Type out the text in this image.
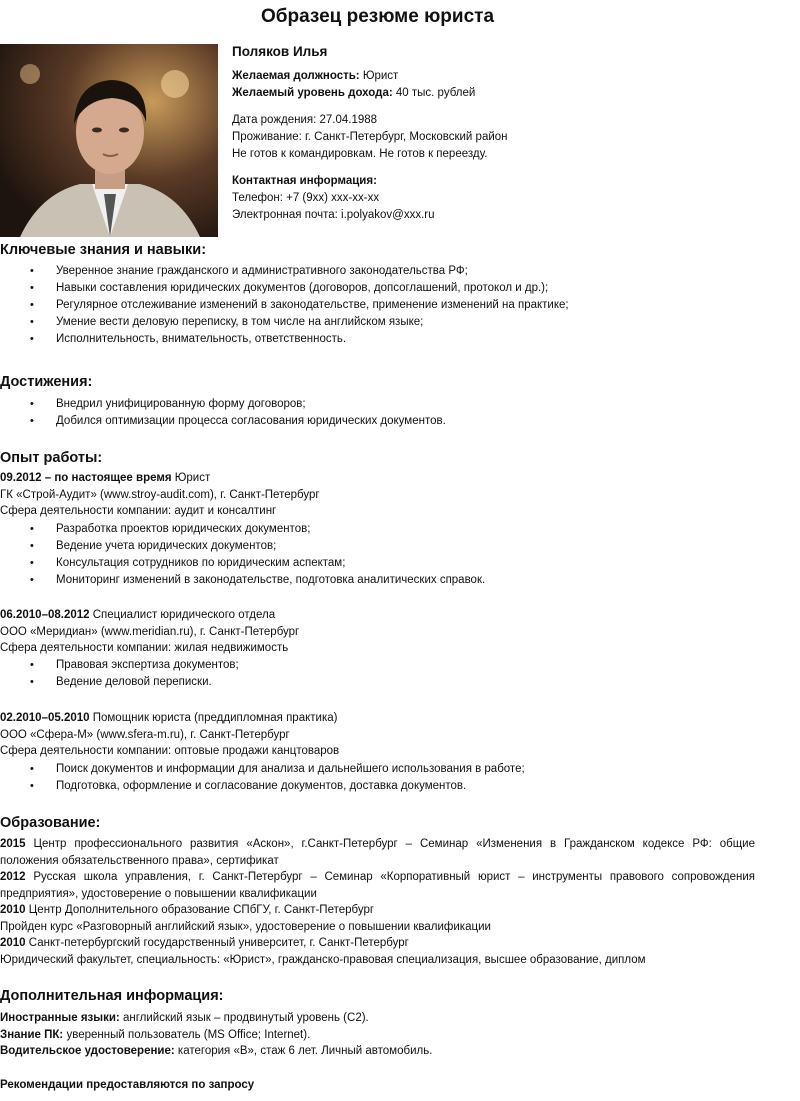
Образец резюме юриста
Поляков Илья
Желаемая должность: Юрист
Желаемый уровень дохода: 40 тыс. рублей
Дата рождения: 27.04.1988
Проживание: г. Санкт-Петербург, Московский район
Не готов к командировкам. Не готов к переезду.
Контактная информация:
Телефон: +7 (9xx) xxx-xx-xx
Электронная почта: i.polyakov@xxx.ru
Ключевые знания и навыки:
• Уверенное знание гражданского и административного законодательства РФ;
• Навыки составления юридических документов (договоров, допсоглашений, протокол и др.);
• Регулярное отслеживание изменений в законодательстве, применение изменений на практике;
• Умение вести деловую переписку, в том числе на английском языке;
• Исполнительность, внимательность, ответственность.
Достижения:
• Внедрил унифицированную форму договоров;
• Добился оптимизации процесса согласования юридических документов.
Опыт работы:
09.2012 – по настоящее время Юрист
ГК «Строй-Аудит» (www.stroy-audit.com), г. Санкт-Петербург
Сфера деятельности компании: аудит и консалтинг
• Разработка проектов юридических документов;
• Ведение учета юридических документов;
• Консультация сотрудников по юридическим аспектам;
• Мониторинг изменений в законодательстве, подготовка аналитических справок.
06.2010–08.2012 Специалист юридического отдела
ООО «Меридиан» (www.meridian.ru), г. Санкт-Петербург
Сфера деятельности компании: жилая недвижимость
• Правовая экспертиза документов;
• Ведение деловой переписки.
02.2010–05.2010 Помощник юриста (преддипломная практика)
ООО «Сфера-М» (www.sfera-m.ru), г. Санкт-Петербург
Сфера деятельности компании: оптовые продажи канцтоваров
• Поиск документов и информации для анализа и дальнейшего использования в работе;
• Подготовка, оформление и согласование документов, доставка документов.
Образование:

2015 Центр профессионального развития «Аскон», г.Санкт-Петербург – Семинар «Изменения в Гражданском кодексе РФ: общие положения обязательственного права», сертификат

2012 Русская школа управления, г. Санкт-Петербург – Семинар «Корпоративный юрист – инструменты правового сопровождения предприятия», удостоверение о повышении квалификации

2010 Центр Дополнительного образование СПбГУ, г. Санкт-Петербург

Пройден курс «Разговорный английский язык», удостоверение о повышении квалификации

2010 Санкт-петербургский государственный университет, г. Санкт-Петербург

Юридический факультет, специальность: «Юрист», гражданско-правовая специализация, высшее образование, диплом

Дополнительная информация:
Иностранные языки: английский язык – продвинутый уровень (С2).
Знание ПК: уверенный пользователь (MS Office; Internet).
Водительское удостоверение: категория «В», стаж 6 лет. Личный автомобиль.
Рекомендации предоставляются по запросу
